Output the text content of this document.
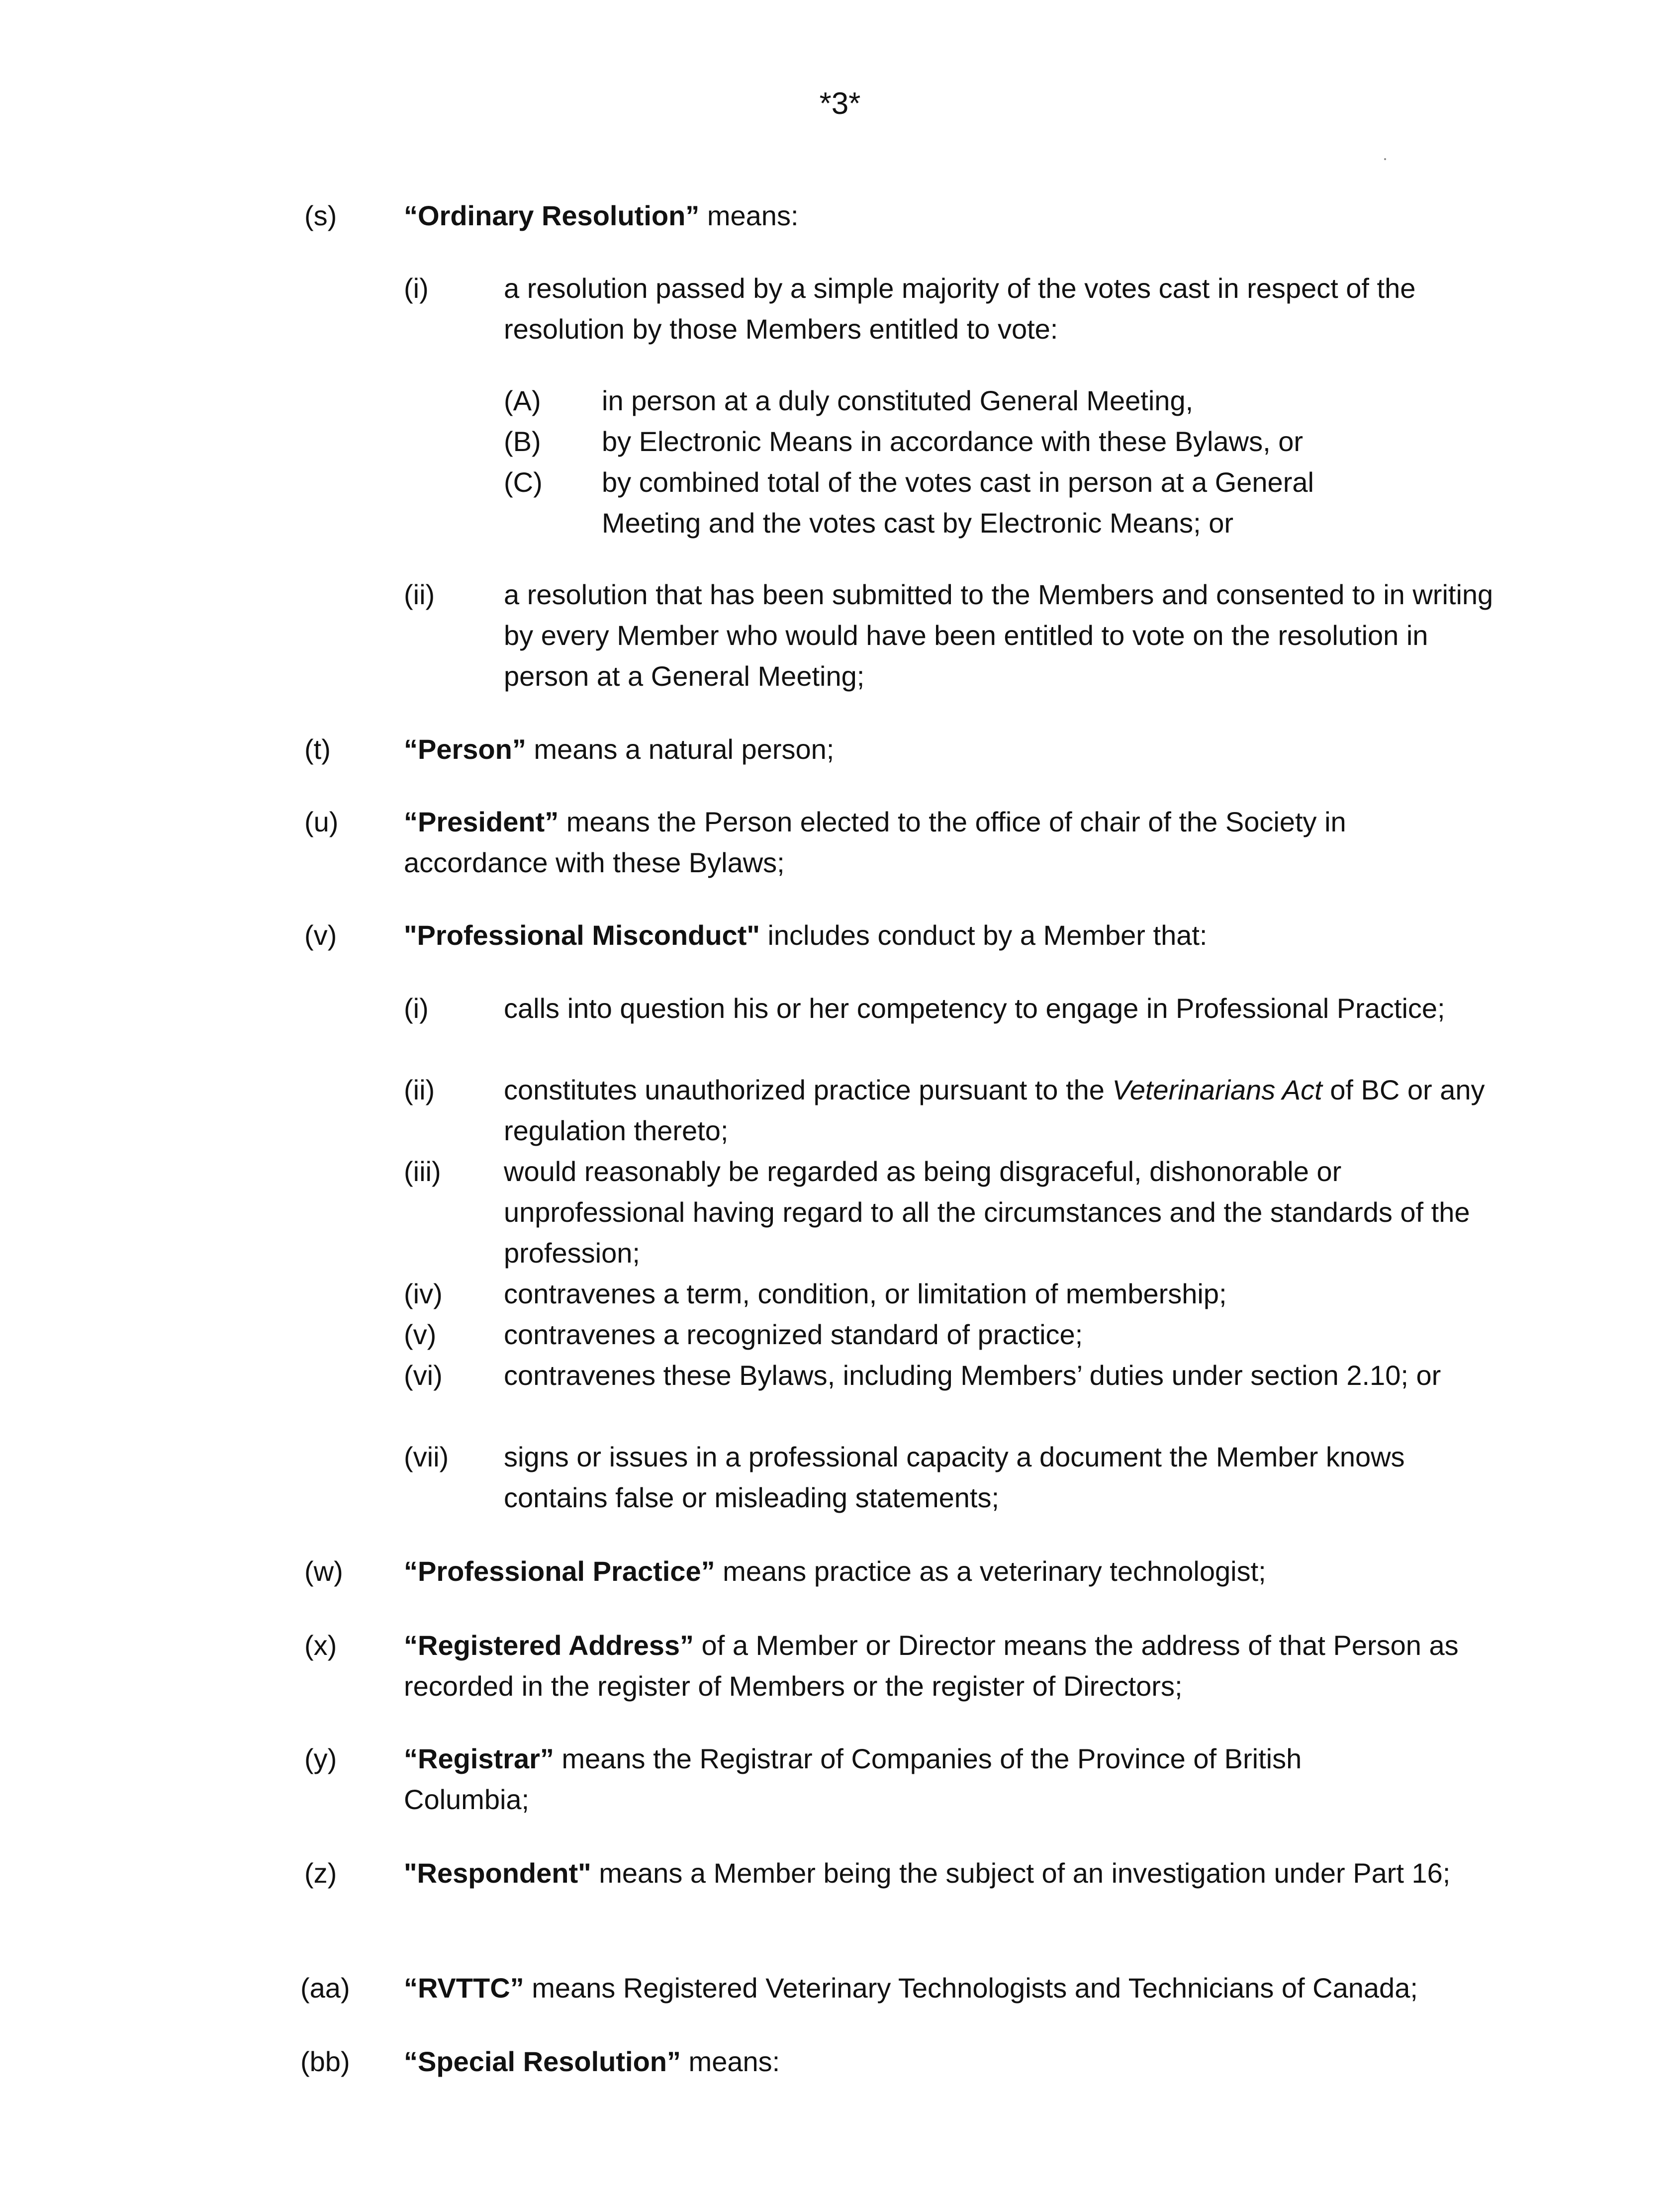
*3*
(s) “Ordinary Resolution” means:
(i)	a resolution passed by a simple majority of the votes cast in respect of the resolution by those Members entitled to vote:
(A) in person at a duly constituted General Meeting,
(B) by Electronic Means in accordance with these Bylaws, or
(C) by combined total of the votes cast in person at a General Meeting and the votes cast by Electronic Means; or
(ii) a resolution that has been submitted to the Members and consented to in writing by every Member who would have been entitled to vote on the resolution in person at a General Meeting;
(t)	“Person” means a natural person;
(u) “President” means the Person elected to the office of chair of the Society in accordance with these Bylaws;
(v) "Professional Misconduct" includes conduct by a Member that:
(i)	calls into question his or her competency to engage in Professional Practice;
(ii) constitutes unauthorized practice pursuant to the Veterinarians Act of BC or any regulation thereto;
(iii) would reasonably be regarded as being disgraceful, dishonorable or unprofessional having regard to all the circumstances and the standards of the profession;
(iv) contravenes a term, condition, or limitation of membership;
(v) contravenes a recognized standard of practice;
(vi) contravenes these Bylaws, including Members’ duties under section 2.10; or
(vii) signs or issues in a professional capacity a document the Member knows contains false or misleading statements;
(w) “Professional Practice” means practice as a veterinary technologist;
(x) “Registered Address” of a Member or Director means the address of that Person as recorded in the register of Members or the register of Directors;
(y) “Registrar” means the Registrar of Companies of the Province of British Columbia;
(z) "Respondent" means a Member being the subject of an investigation under Part 16;
(aa) “RVTTC” means Registered Veterinary Technologists and Technicians of Canada;
(bb) “Special Resolution” means:
